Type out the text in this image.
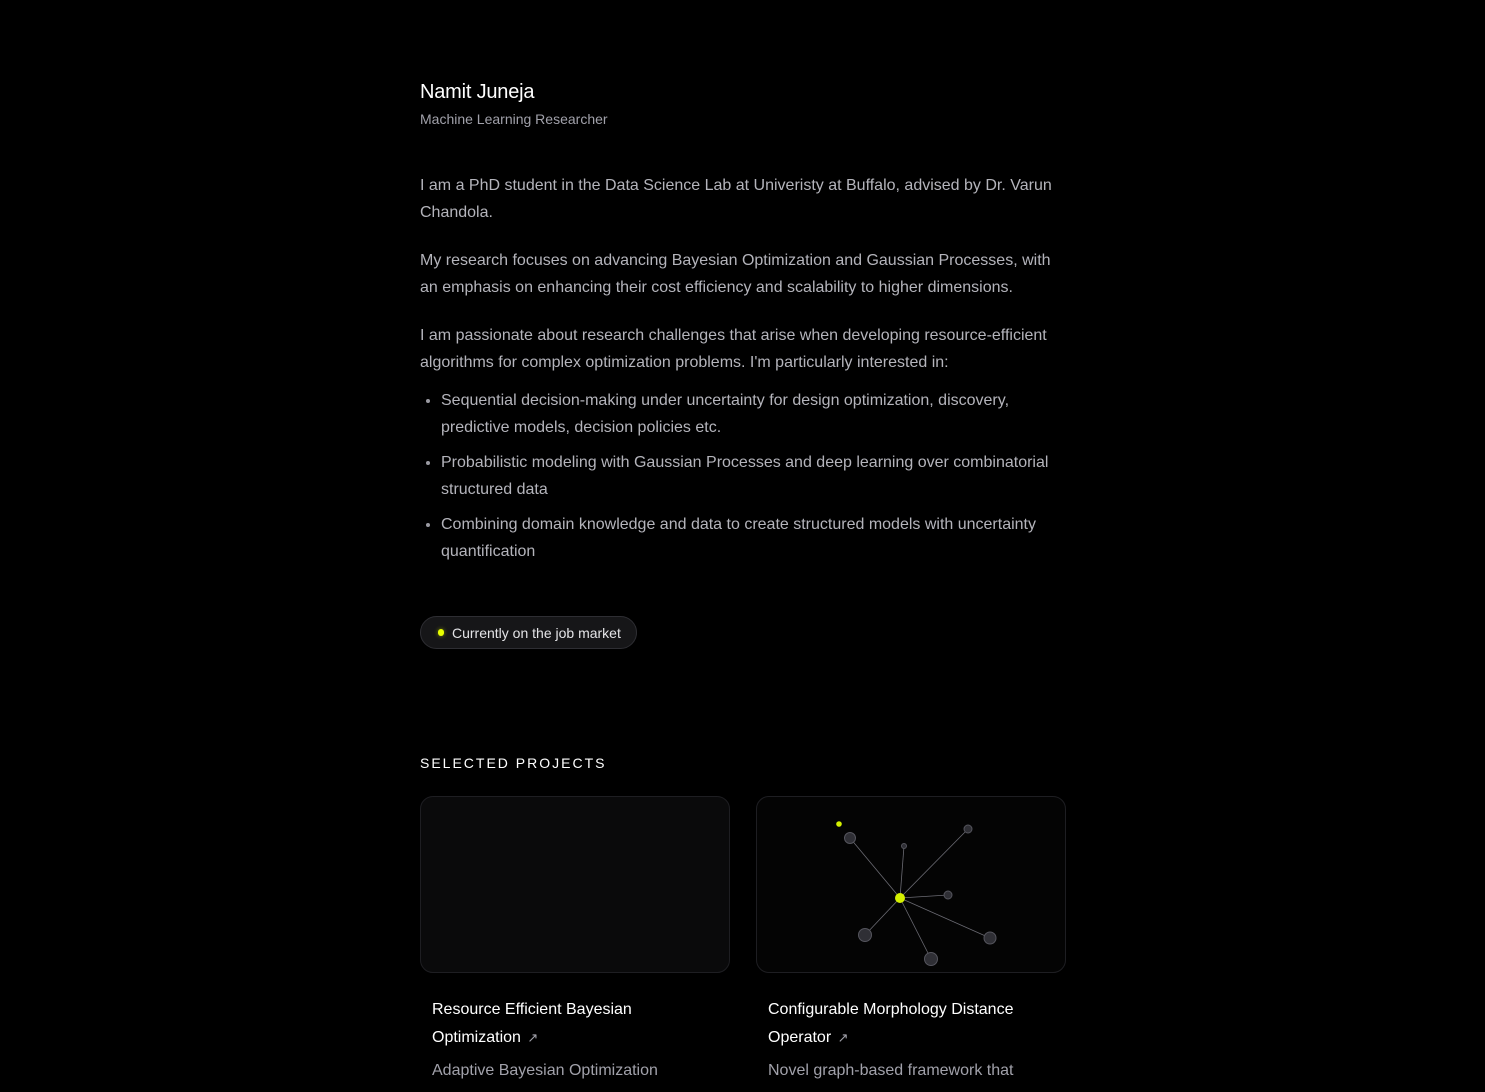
Namit Juneja
Machine Learning Researcher

I am a PhD student in the Data Science Lab at Univeristy at Buffalo, advised by Dr. Varun Chandola.

My research focuses on advancing Bayesian Optimization and Gaussian Processes, with an emphasis on enhancing their cost efficiency and scalability to higher dimensions.

I am passionate about research challenges that arise when developing resource-efficient algorithms for complex optimization problems. I'm particularly interested in:

• Sequential decision-making under uncertainty for design optimization, discovery, predictive models, decision policies etc.
• Probabilistic modeling with Gaussian Processes and deep learning over combinatorial structured data
• Combining domain knowledge and data to create structured models with uncertainty quantification
Currently on the job market
SELECTED PROJECTS
Resource Efficient Bayesian Optimization ↗
Adaptive Bayesian Optimization
Configurable Morphology Distance Operator ↗
Novel graph-based framework that
